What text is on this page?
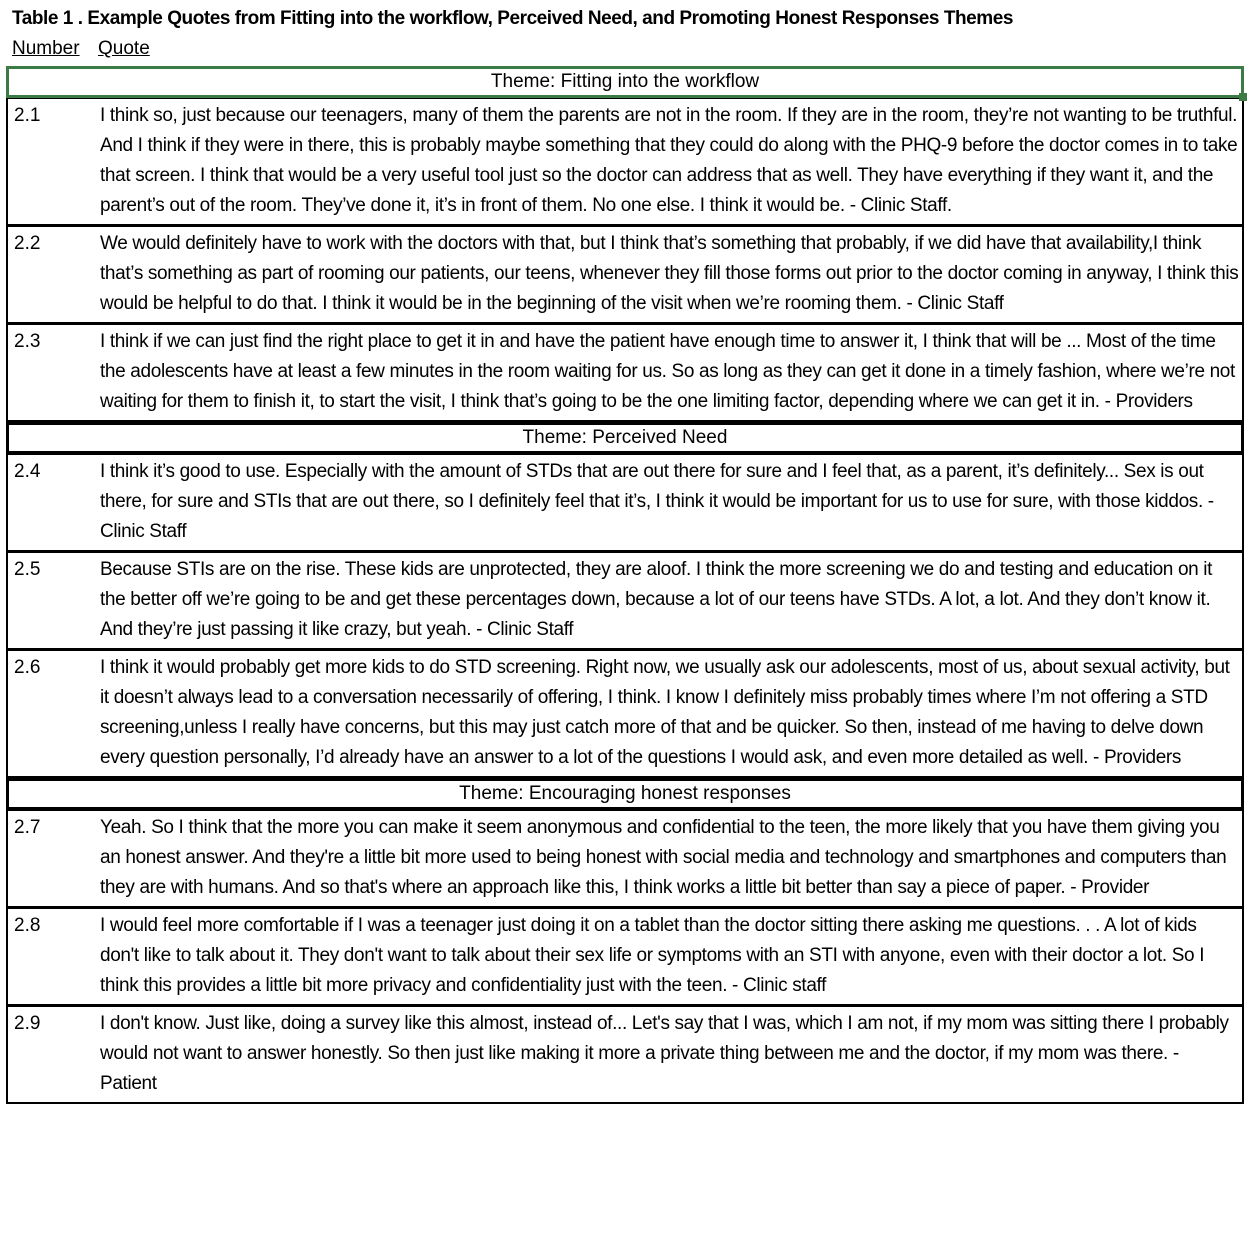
Table 1 . Example Quotes from Fitting into the workflow, Perceived Need, and Promoting Honest Responses Themes
Number Quote
Theme: Fitting into the workflow
2.1	I think so, just because our teenagers, many of them the parents are not in the room. If they are in the room, they’re not wanting to be truthful. And I think if they were in there, this is probably maybe something that they could do along with the PHQ-9 before the doctor comes in to take that screen. I think that would be a very useful tool just so the doctor can address that as well. They have everything if they want it, and the parent’s out of the room. They’ve done it, it’s in front of them. No one else. I think it would be. - Clinic Staff.
2.2	We would definitely have to work with the doctors with that, but I think that’s something that probably, if we did have that availability,I think that’s something as part of rooming our patients, our teens, whenever they fill those forms out prior to the doctor coming in anyway, I think this would be helpful to do that. I think it would be in the beginning of the visit when we’re rooming them. - Clinic Staff
2.3	I think if we can just find the right place to get it in and have the patient have enough time to answer it, I think that will be ... Most of the time the adolescents have at least a few minutes in the room waiting for us. So as long as they can get it done in a timely fashion, where we’re not waiting for them to finish it, to start the visit, I think that’s going to be the one limiting factor, depending where we can get it in. - Providers
Theme: Perceived Need
2.4	I think it’s good to use. Especially with the amount of STDs that are out there for sure and I feel that, as a parent, it’s definitely... Sex is out there, for sure and STIs that are out there, so I definitely feel that it’s, I think it would be important for us to use for sure, with those kiddos. - Clinic Staff
2.5	Because STIs are on the rise. These kids are unprotected, they are aloof. I think the more screening we do and testing and education on it the better off we’re going to be and get these percentages down, because a lot of our teens have STDs. A lot, a lot. And they don’t know it. And they’re just passing it like crazy, but yeah. - Clinic Staff
2.6	I think it would probably get more kids to do STD screening. Right now, we usually ask our adolescents, most of us, about sexual activity, but it doesn’t always lead to a conversation necessarily of offering, I think. I know I definitely miss probably times where I’m not offering a STD screening,unless I really have concerns, but this may just catch more of that and be quicker. So then, instead of me having to delve down every question personally, I’d already have an answer to a lot of the questions I would ask, and even more detailed as well. - Providers
Theme: Encouraging honest responses
2.7	Yeah. So I think that the more you can make it seem anonymous and confidential to the teen, the more likely that you have them giving you an honest answer. And they're a little bit more used to being honest with social media and technology and smartphones and computers than they are with humans. And so that's where an approach like this, I think works a little bit better than say a piece of paper. - Provider
2.8	I would feel more comfortable if I was a teenager just doing it on a tablet than the doctor sitting there asking me questions. . . A lot of kids don't like to talk about it. They don't want to talk about their sex life or symptoms with an STI with anyone, even with their doctor a lot. So I think this provides a little bit more privacy and confidentiality just with the teen. - Clinic staff
2.9	I don't know. Just like, doing a survey like this almost, instead of... Let's say that I was, which I am not, if my mom was sitting there I probably would not want to answer honestly. So then just like making it more a private thing between me and the doctor, if my mom was there. - Patient
